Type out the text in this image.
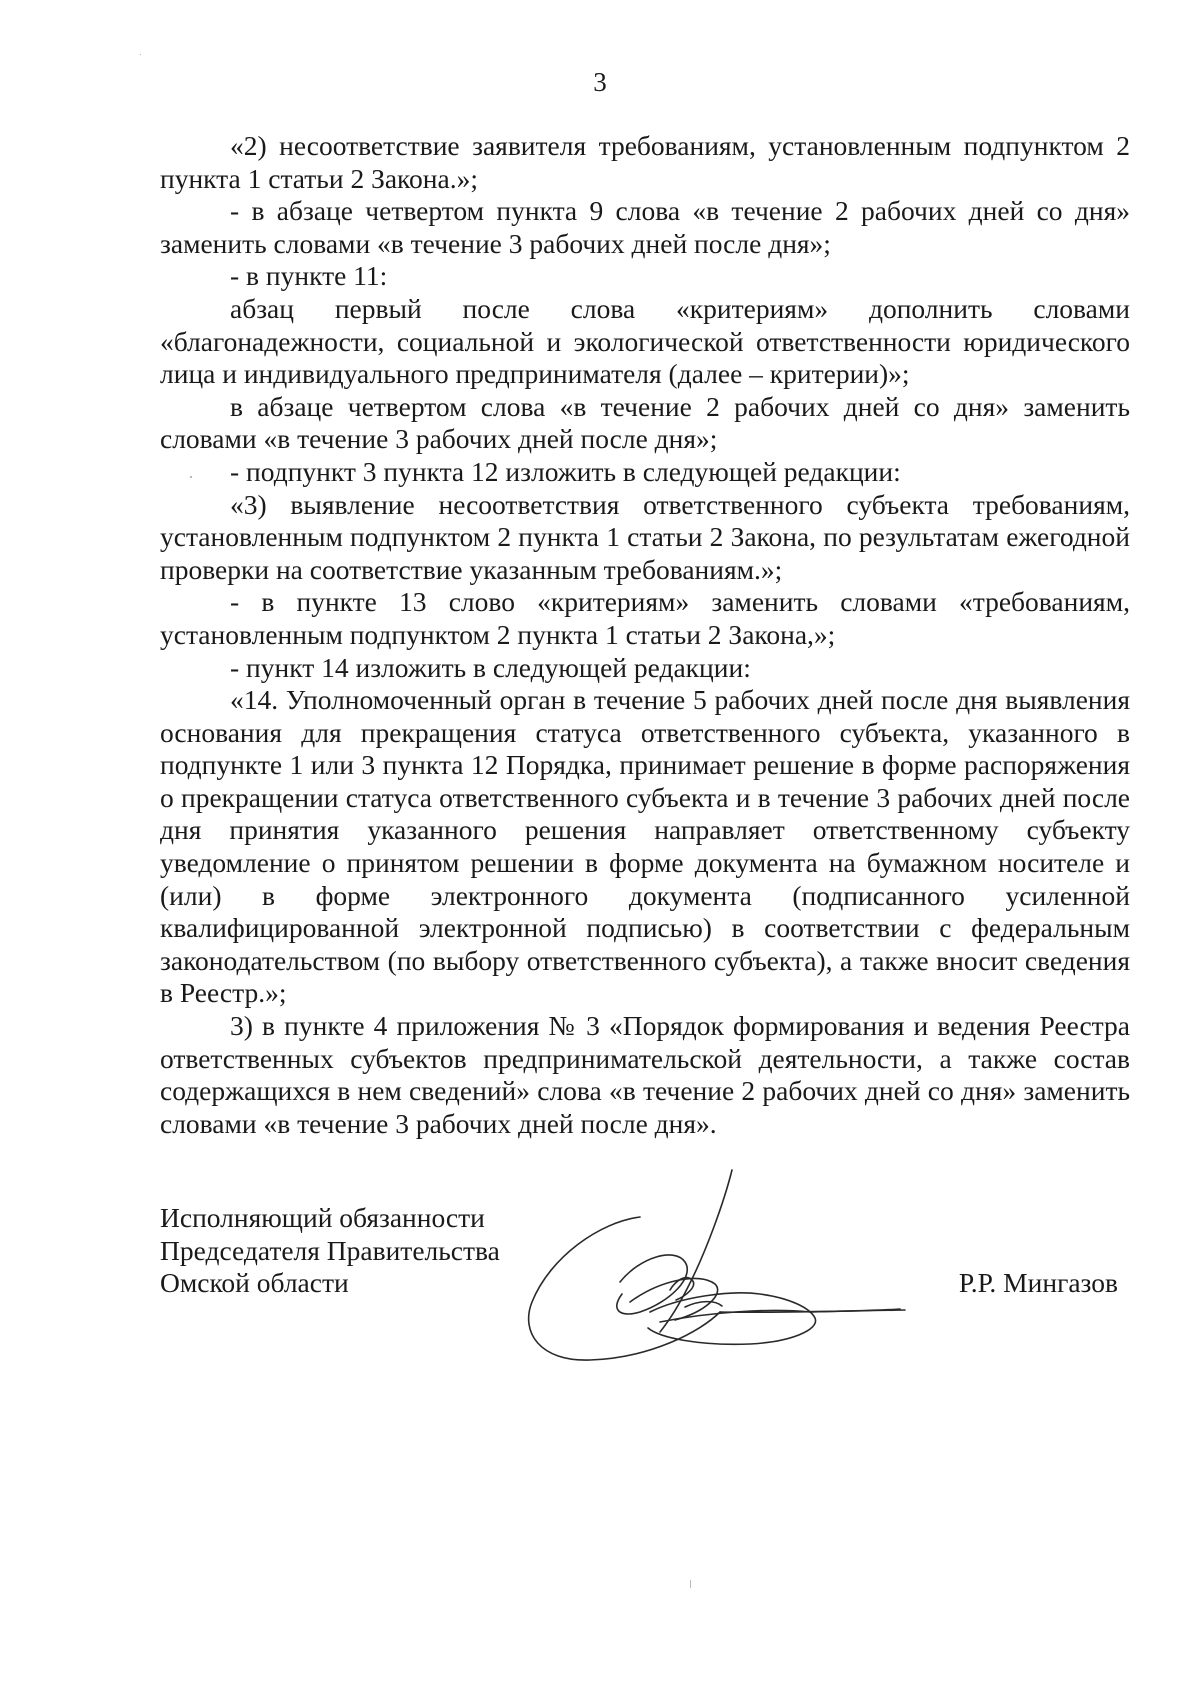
3

«2) несоответствие заявителя требованиям, установленным подпунктом 2 пункта 1 статьи 2 Закона.»;

- в абзаце четвертом пункта 9 слова «в течение 2 рабочих дней со дня» заменить словами «в течение 3 рабочих дней после дня»;

- в пункте 11:

абзац первый после слова «критериям» дополнить словами «благонадежности, социальной и экологической ответственности юридического лица и индивидуального предпринимателя (далее – критерии)»;

в абзаце четвертом слова «в течение 2 рабочих дней со дня» заменить словами «в течение 3 рабочих дней после дня»;

- подпункт 3 пункта 12 изложить в следующей редакции:

«3) выявление несоответствия ответственного субъекта требованиям, установленным подпунктом 2 пункта 1 статьи 2 Закона, по результатам ежегодной проверки на соответствие указанным требованиям.»;

- в пункте 13 слово «критериям» заменить словами «требованиям, установленным подпунктом 2 пункта 1 статьи 2 Закона,»;

- пункт 14 изложить в следующей редакции:

«14. Уполномоченный орган в течение 5 рабочих дней после дня выявления основания для прекращения статуса ответственного субъекта, указанного в подпункте 1 или 3 пункта 12 Порядка, принимает решение в форме распоряжения о прекращении статуса ответственного субъекта и в течение 3 рабочих дней после дня принятия указанного решения направляет ответственному субъекту уведомление о принятом решении в форме документа на бумажном носителе и (или) в форме электронного документа (подписанного усиленной квалифицированной электронной подписью) в соответствии с федеральным законодательством (по выбору ответственного субъекта), а также вносит сведения в Реестр.»;

3) в пункте 4 приложения № 3 «Порядок формирования и ведения Реестра ответственных субъектов предпринимательской деятельности, а также состав содержащихся в нем сведений» слова «в течение 2 рабочих дней со дня» заменить словами «в течение 3 рабочих дней после дня».

Исполняющий обязанности
Председателя Правительства
Омской области	Р.Р. Мингазов
